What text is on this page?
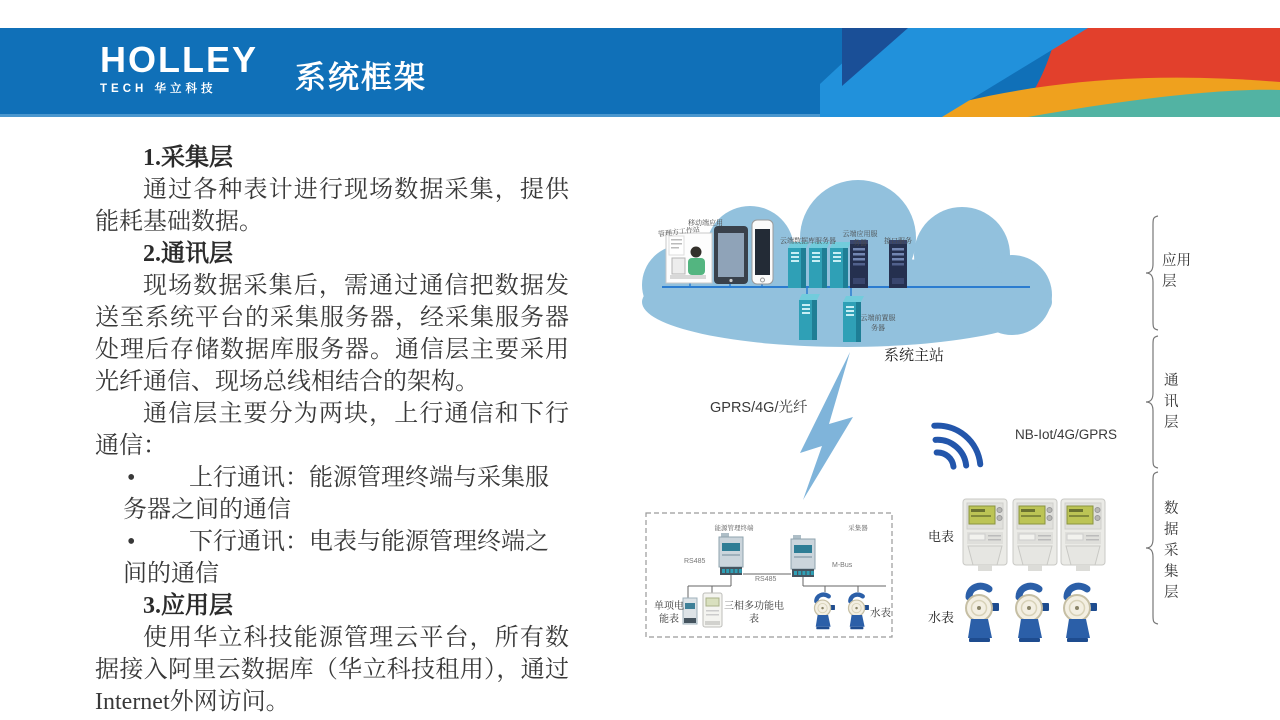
HOLLEY
TECH 华立科技	系统框架
1.采集层

通过各种表计进行现场数据采集，提供能耗基础数据。

2.通讯层

现场数据采集后，需通过通信把数据发送至系统平台的采集服务器，经采集服务器处理后存储数据库服务器。通信层主要采用光纤通信、现场总线相结合的架构。

通信层主要分为两块，上行通信和下行通信：

• 上行通讯：能源管理终端与采集服务器之间的通信
• 下行通讯：电表与能源管理终端之间的通信
3.应用层

使用华立科技能源管理云平台，所有数据接入阿里云数据库（华立科技租用），通过Internet外网访问。

管理方工作站
移动端应用
云端数据库服务器
云端应用服
务器	接口服务
云端前置服
务器
系统主站
GPRS/4G/光纤
NB-Iot/4G/GPRS
能源管理终端	采集器
RS485
RS485
M-Bus
单项电能表
三相多功能电表
水表
电表
水表
应用层
通讯层
数据采集层
